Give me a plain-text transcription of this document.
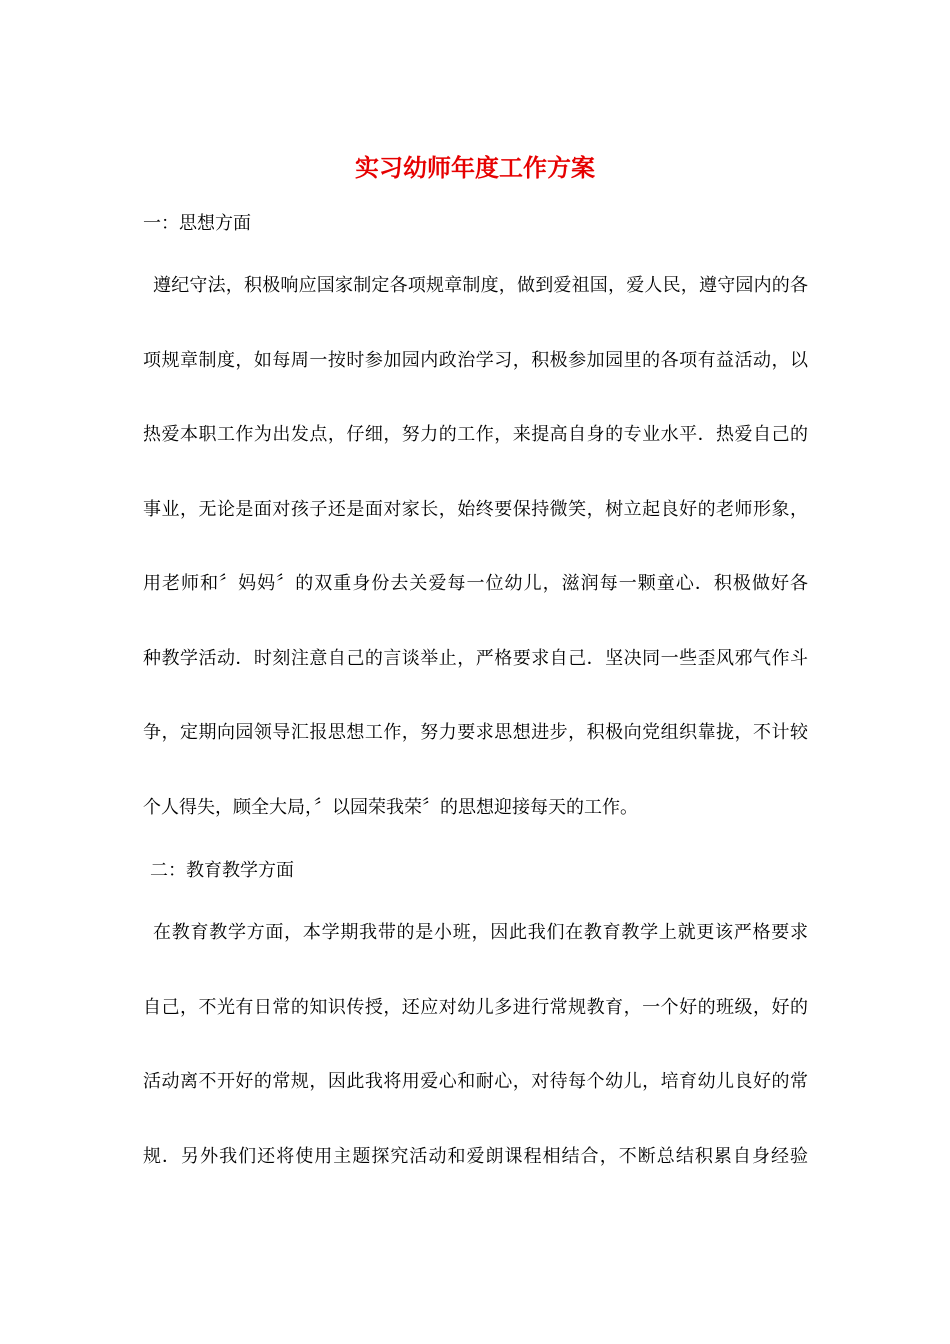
实习幼师年度工作方案
一：思想方面
遵纪守法，积极响应国家制定各项规章制度，做到爱祖国，爱人民，遵守园内的各
项规章制度，如每周一按时参加园内政治学习，积极参加园里的各项有益活动，以
热爱本职工作为出发点，仔细，努力的工作，来提高自身的专业水平．热爱自己的
事业，无论是面对孩子还是面对家长，始终要保持微笑，树立起良好的老师形象，
用老师和〞妈妈〞的双重身份去关爱每一位幼儿，滋润每一颗童心．积极做好各
种教学活动．时刻注意自己的言谈举止，严格要求自己．坚决同一些歪风邪气作斗
争，定期向园领导汇报思想工作，努力要求思想进步，积极向党组织靠拢，不计较
个人得失，顾全大局，〞以园荣我荣〞的思想迎接每天的工作。
二：教育教学方面
在教育教学方面，本学期我带的是小班，因此我们在教育教学上就更该严格要求
自己，不光有日常的知识传授，还应对幼儿多进行常规教育，一个好的班级，好的
活动离不开好的常规，因此我将用爱心和耐心，对待每个幼儿，培育幼儿良好的常
规．另外我们还将使用主题探究活动和爱朗课程相结合，不断总结积累自身经验
